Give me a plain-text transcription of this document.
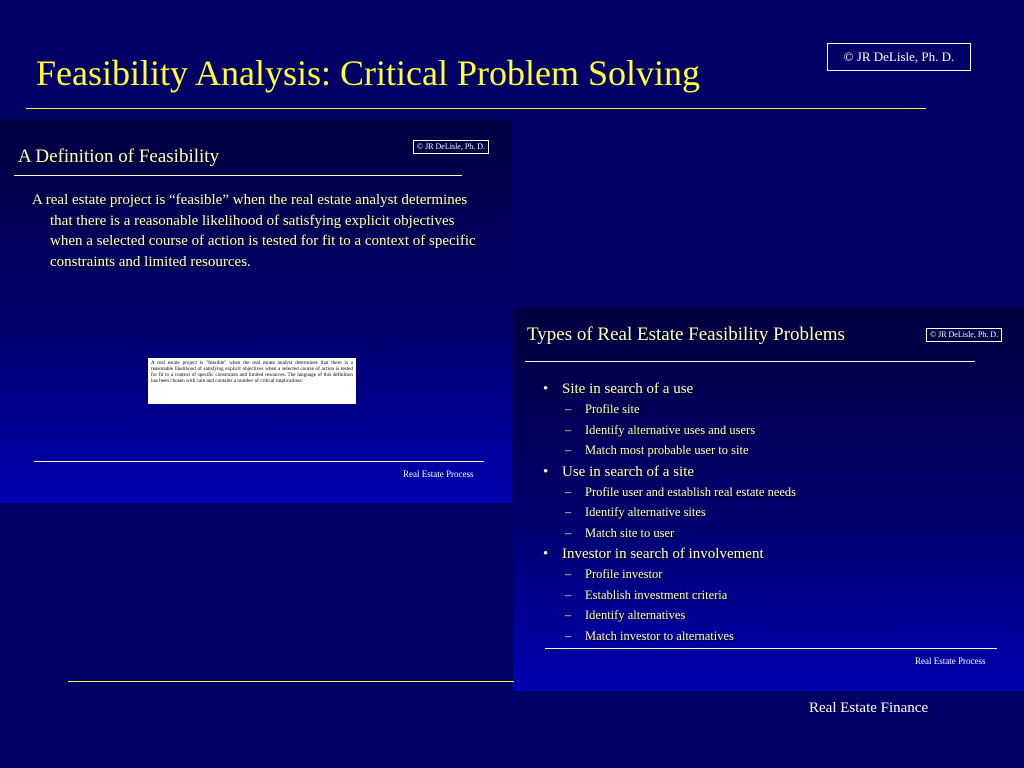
Feasibility Analysis: Critical Problem Solving	© JR DeLisle, Ph. D.
A Definition of Feasibility	© JR DeLisle, Ph. D.
A real estate project is “feasible” when the real estate analyst determines that there is a reasonable likelihood of satisfying explicit objectives when a selected course of action is tested for fit to a context of specific constraints and limited resources.
A real estate project is "feasible" when the real estate analyst determines that there is a reasonable likelihood of satisfying explicit objectives when a selected course of action is tested for fit to a context of specific constraints and limited resources. The language of this definition has been chosen with care and contains a number of critical implications:
Real Estate Process
Types of Real Estate Feasibility Problems	© JR DeLisle, Ph. D.
• Site in search of a use
– Profile site
– Identify alternative uses and users
– Match most probable user to site
• Use in search of a site
– Profile user and establish real estate needs
– Identify alternative sites
– Match site to user
• Investor in search of involvement
– Profile investor
– Establish investment criteria
– Identify alternatives
– Match investor to alternatives
Real Estate Process
Real Estate Finance
